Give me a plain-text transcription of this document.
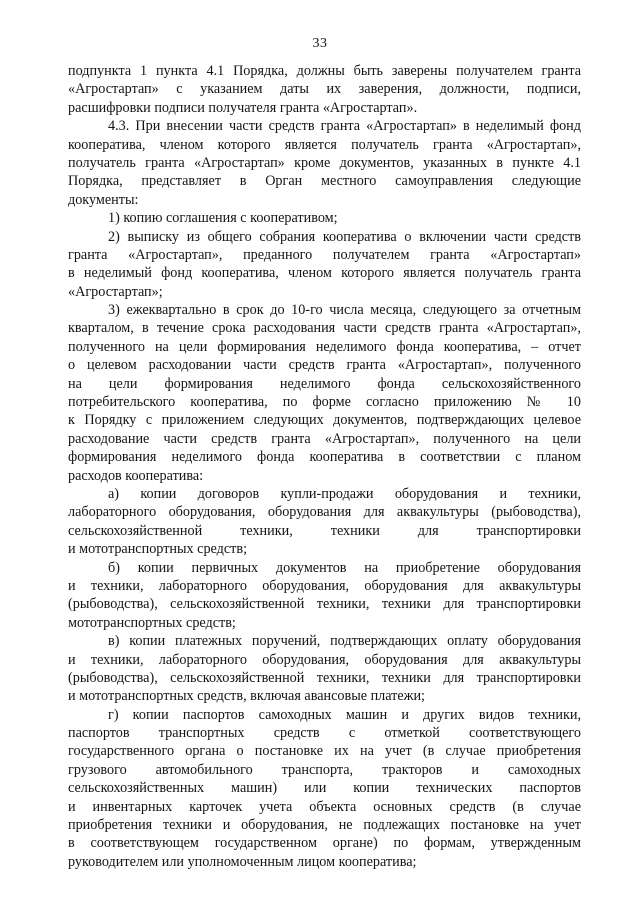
33
подпункта 1 пункта 4.1 Порядка, должны быть заверены получателем гранта
«Агростартап» с указанием даты их заверения, должности, подписи,
расшифровки подписи получателя гранта «Агростартап».
4.3. При внесении части средств гранта «Агростартап» в неделимый фонд
кооператива, членом которого является получатель гранта «Агростартап»,
получатель гранта «Агростартап» кроме документов, указанных в пункте 4.1
Порядка, представляет в Орган местного самоуправления следующие
документы:
1) копию соглашения с кооперативом;
2) выписку из общего собрания кооператива о включении части средств
гранта «Агростартап», преданного получателем гранта «Агростартап»
в неделимый фонд кооператива, членом которого является получатель гранта
«Агростартап»;
3) ежеквартально в срок до 10-го числа месяца, следующего за отчетным
кварталом, в течение срока расходования части средств гранта «Агростартап»,
полученного на цели формирования неделимого фонда кооператива, – отчет
о целевом расходовании части средств гранта «Агростартап», полученного
на цели формирования неделимого фонда сельскохозяйственного
потребительского кооператива, по форме согласно приложению № 10
к Порядку с приложением следующих документов, подтверждающих целевое
расходование части средств гранта «Агростартап», полученного на цели
формирования неделимого фонда кооператива в соответствии с планом
расходов кооператива:
а) копии договоров купли-продажи оборудования и техники,
лабораторного оборудования, оборудования для аквакультуры (рыбоводства),
сельскохозяйственной техники, техники для транспортировки
и мототранспортных средств;
б) копии первичных документов на приобретение оборудования
и техники, лабораторного оборудования, оборудования для аквакультуры
(рыбоводства), сельскохозяйственной техники, техники для транспортировки
мототранспортных средств;
в) копии платежных поручений, подтверждающих оплату оборудования
и техники, лабораторного оборудования, оборудования для аквакультуры
(рыбоводства), сельскохозяйственной техники, техники для транспортировки
и мототранспортных средств, включая авансовые платежи;
г) копии паспортов самоходных машин и других видов техники,
паспортов транспортных средств с отметкой соответствующего
государственного органа о постановке их на учет (в случае приобретения
грузового автомобильного транспорта, тракторов и самоходных
сельскохозяйственных машин) или копии технических паспортов
и инвентарных карточек учета объекта основных средств (в случае
приобретения техники и оборудования, не подлежащих постановке на учет
в соответствующем государственном органе) по формам, утвержденным
руководителем или уполномоченным лицом кооператива;
